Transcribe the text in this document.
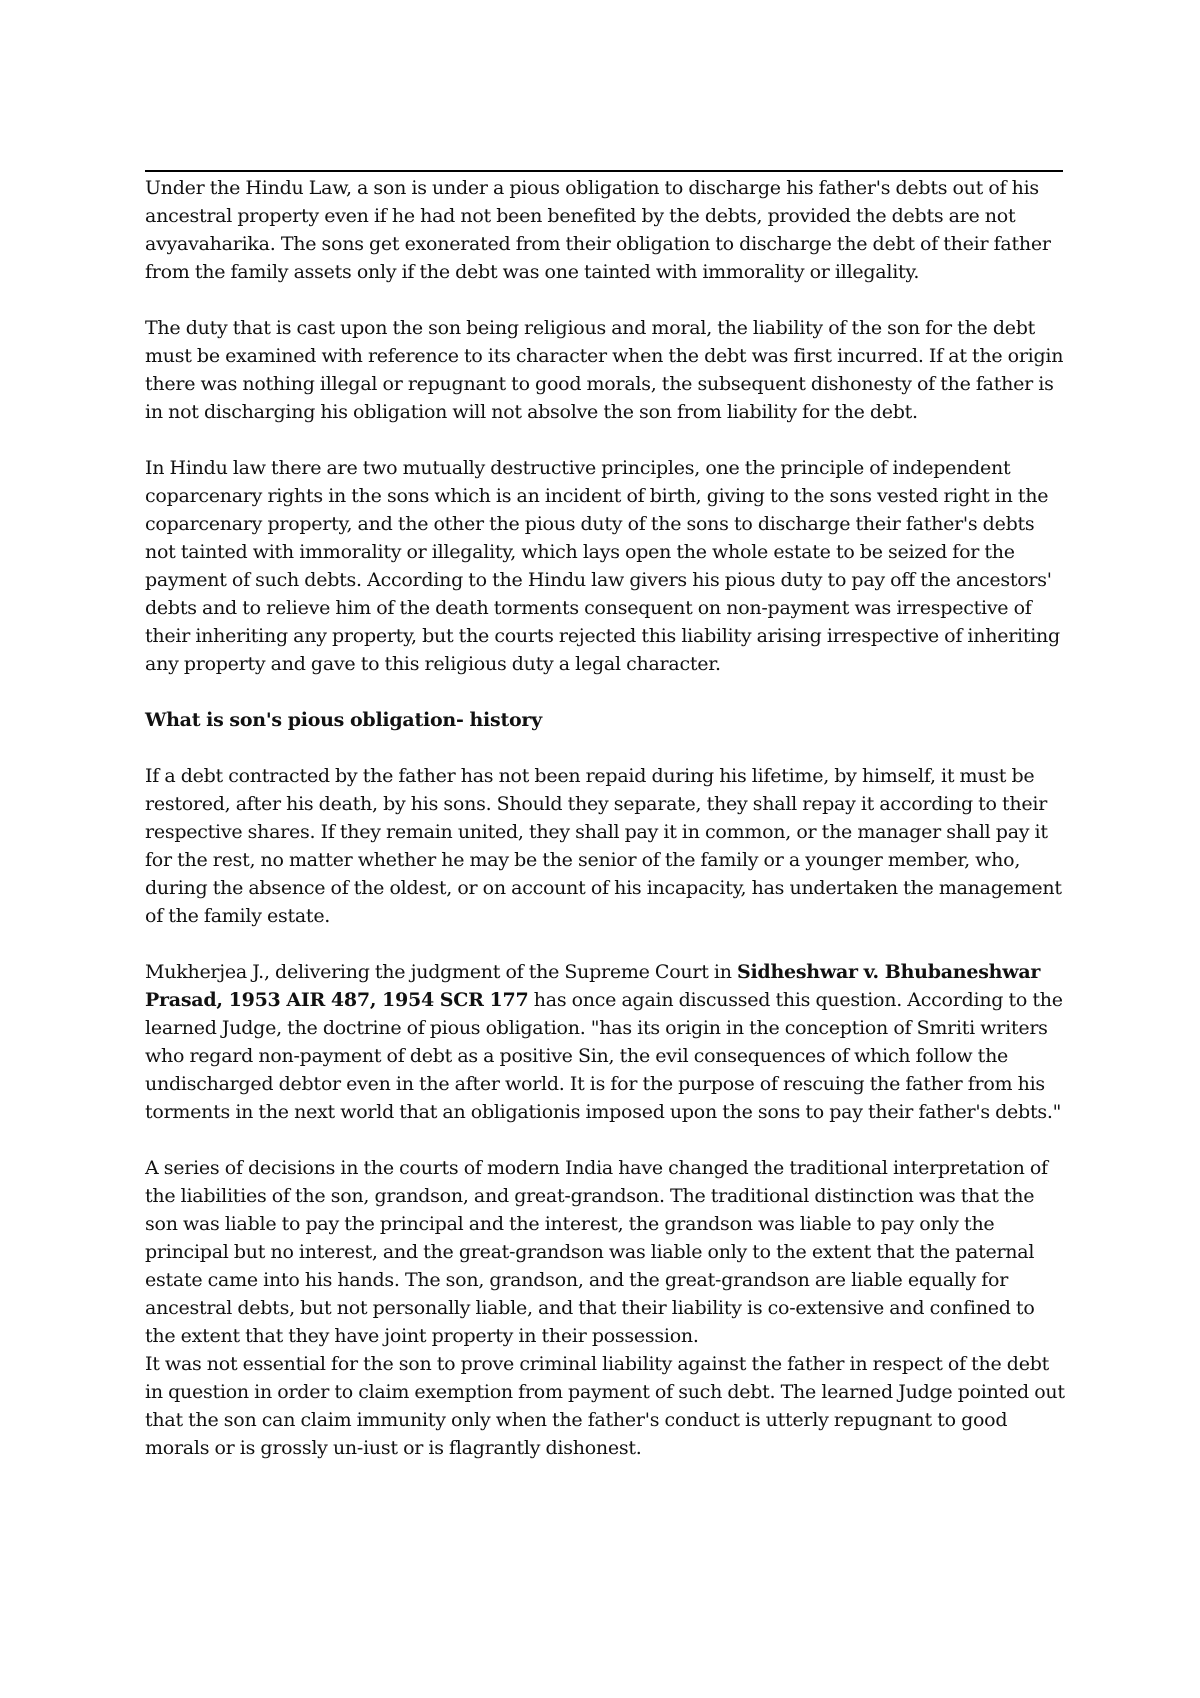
Under the Hindu Law, a son is under a pious obligation to discharge his father's debts out of his ancestral property even if he had not been benefited by the debts, provided the debts are not avyavaharika. The sons get exonerated from their obligation to discharge the debt of their father from the family assets only if the debt was one tainted with immorality or illegality.

The duty that is cast upon the son being religious and moral, the liability of the son for the debt must be examined with reference to its character when the debt was first incurred. If at the origin there was nothing illegal or repugnant to good morals, the subsequent dishonesty of the father is in not discharging his obligation will not absolve the son from liability for the debt.

In Hindu law there are two mutually destructive principles, one the principle of independent coparcenary rights in the sons which is an incident of birth, giving to the sons vested right in the coparcenary property, and the other the pious duty of the sons to discharge their father's debts not tainted with immorality or illegality, which lays open the whole estate to be seized for the payment of such debts. According to the Hindu law givers his pious duty to pay off the ancestors' debts and to relieve him of the death torments consequent on non-payment was irrespective of their inheriting any property, but the courts rejected this liability arising irrespective of inheriting any property and gave to this religious duty a legal character.

What is son's pious obligation- history

If a debt contracted by the father has not been repaid during his lifetime, by himself, it must be restored, after his death, by his sons. Should they separate, they shall repay it according to their respective shares. If they remain united, they shall pay it in common, or the manager shall pay it for the rest, no matter whether he may be the senior of the family or a younger member, who, during the absence of the oldest, or on account of his incapacity, has undertaken the management of the family estate.

Mukherjea J., delivering the judgment of the Supreme Court in Sidheshwar v. Bhubaneshwar Prasad, 1953 AIR 487, 1954 SCR 177 has once again discussed this question. According to the learned Judge, the doctrine of pious obligation. "has its origin in the conception of Smriti writers who regard non-payment of debt as a positive Sin, the evil consequences of which follow the undischarged debtor even in the after world. It is for the purpose of rescuing the father from his torments in the next world that an obligationis imposed upon the sons to pay their father's debts."

A series of decisions in the courts of modern India have changed the traditional interpretation of the liabilities of the son, grandson, and great-grandson. The traditional distinction was that the son was liable to pay the principal and the interest, the grandson was liable to pay only the principal but no interest, and the great-grandson was liable only to the extent that the paternal estate came into his hands. The son, grandson, and the great-grandson are liable equally for ancestral debts, but not personally liable, and that their liability is co-extensive and confined to the extent that they have joint property in their possession.

It was not essential for the son to prove criminal liability against the father in respect of the debt in question in order to claim exemption from payment of such debt. The learned Judge pointed out that the son can claim immunity only when the father's conduct is utterly repugnant to good morals or is grossly un-iust or is flagrantly dishonest.
